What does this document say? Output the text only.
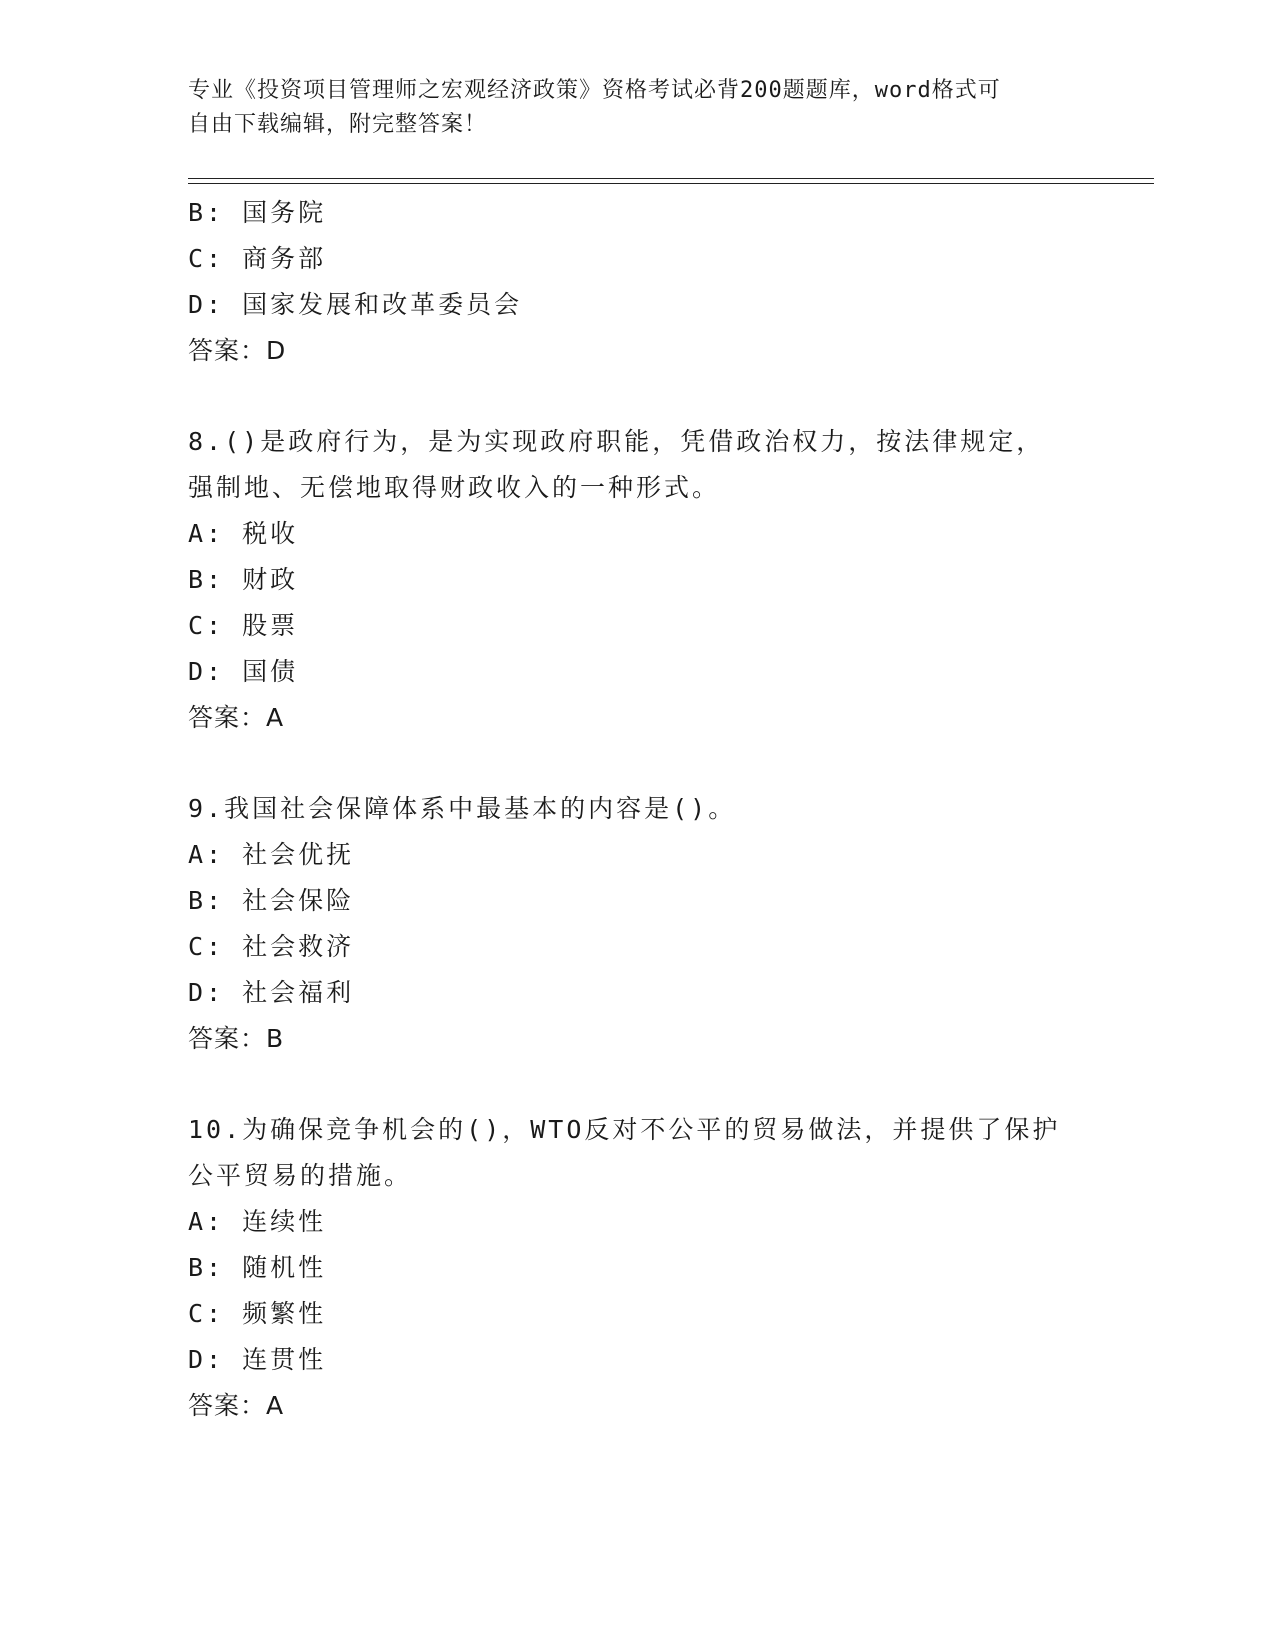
专业《投资项目管理师之宏观经济政策》资格考试必背200题题库，word格式可
自由下载编辑，附完整答案！
B: 国务院
C: 商务部
D: 国家发展和改革委员会
答案：D
8.()是政府行为，是为实现政府职能，凭借政治权力，按法律规定，
强制地、无偿地取得财政收入的一种形式。
A: 税收
B: 财政
C: 股票
D: 国债
答案：A
9.我国社会保障体系中最基本的内容是()。
A: 社会优抚
B: 社会保险
C: 社会救济
D: 社会福利
答案：B
10.为确保竞争机会的()，WTO反对不公平的贸易做法，并提供了保护
公平贸易的措施。
A: 连续性
B: 随机性
C: 频繁性
D: 连贯性
答案：A
